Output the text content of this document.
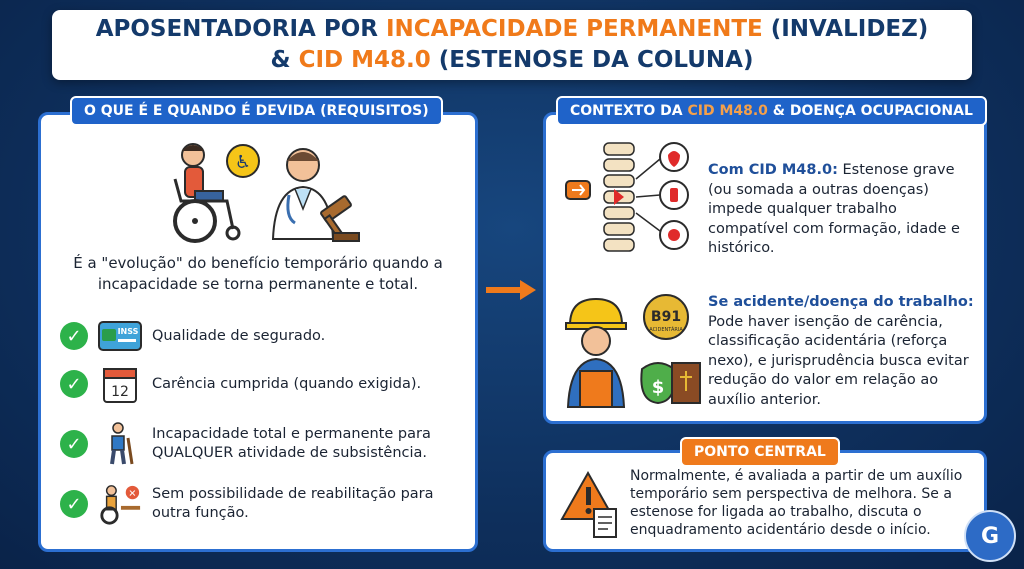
APOSENTADORIA POR INCAPACIDADE PERMANENTE (INVALIDEZ)
& CID M48.0 (ESTENOSE DA COLUNA)
♿
É a "evolução" do benefício temporário quando a incapacidade se torna permanente e total.
O QUE É E QUANDO É DEVIDA (REQUISITOS)
✓	INSS Qualidade de segurado.
✓	12
Carência cumprida (quando exigida).
✓	Incapacidade total e permanente para QUALQUER atividade de subsistência.
✓	✕ Sem possibilidade de reabilitação para outra função.
Com CID M48.0: Estenose grave (ou somada a outras doenças) impede qualquer trabalho compatível com formação, idade e histórico.
B91
ACIDENTÁRIA
$
Se acidente/doença do trabalho: Pode haver isenção de carência, classificação acidentária (reforça nexo), e jurisprudência busca evitar redução do valor em relação ao auxílio anterior.
CONTEXTO DA CID M48.0 & DOENÇA OCUPACIONAL
Normalmente, é avaliada a partir de um auxílio temporário sem perspectiva de melhora. Se a estenose for ligada ao trabalho, discuta o enquadramento acidentário desde o início.
PONTO CENTRAL
G
